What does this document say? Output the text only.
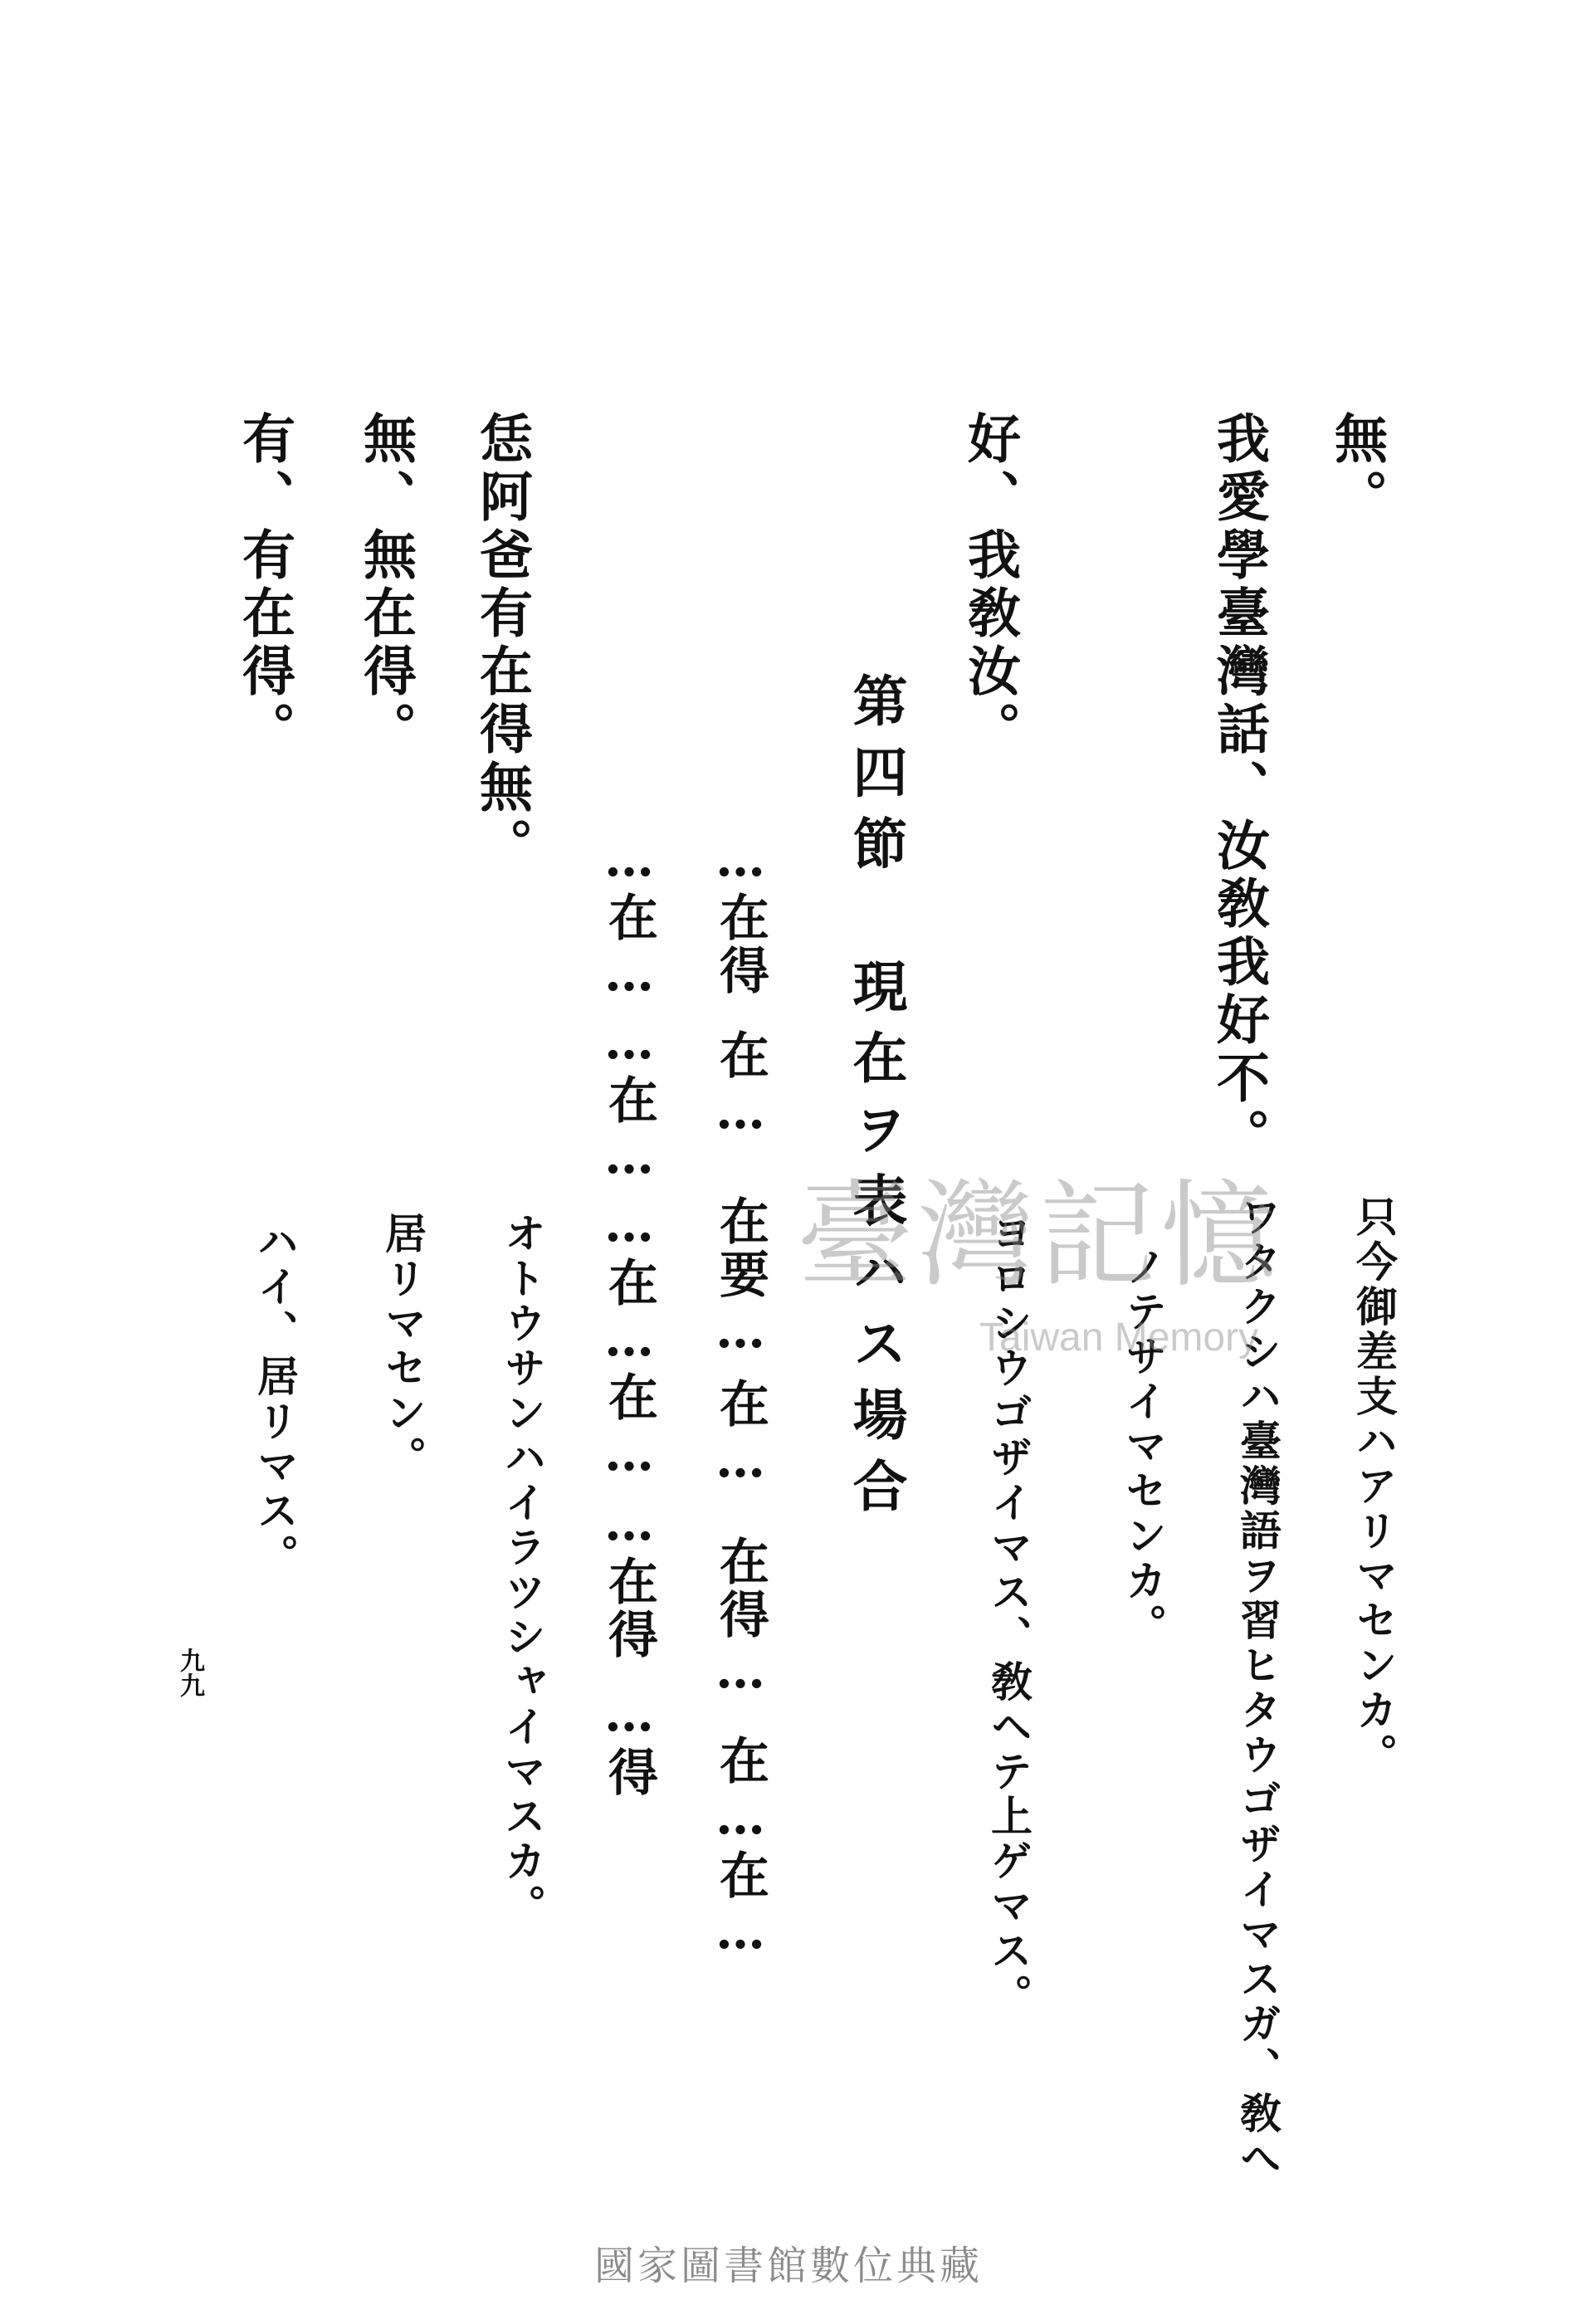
只今御差支ハアリマセンカ。

ワタクシハ臺灣語ヲ習ヒタウゴザイマスガ、敎へ

ノテサイマセンカ。

ヨロシウゴザイマス、敎ヘテ上ゲマス。

無。

我愛學臺灣話、汝敎我好不。

好、我敎汝。

第四節　現在ヲ表ハス場合

…在得

在…

在要…

在…

在得…

在…在…

…在…

…在…

…在…在…

…在得

…得

恁阿爸有在得無。

無、無在得。

有、有在得。

オトウサンハイラツシャイマスカ。

居リマセン。

ハイ、居リマス。

九九
臺灣記憶
Taiwan Memory
國家圖書館數位典藏
